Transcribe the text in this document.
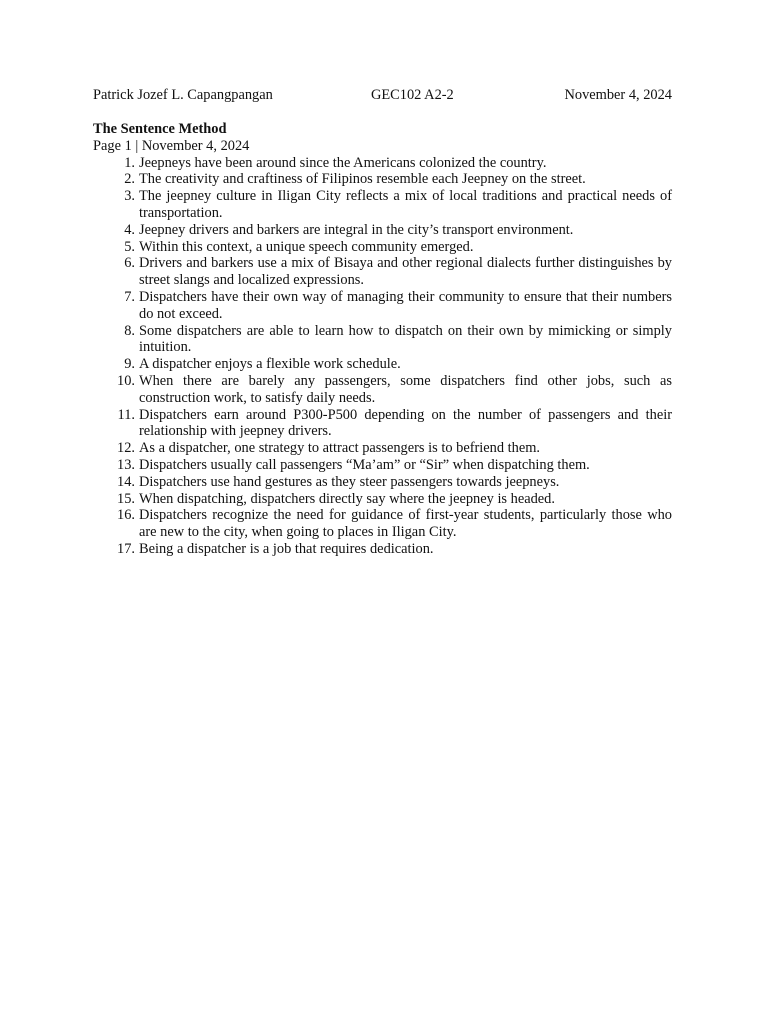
Patrick Jozef L. Capangpangan	GEC102 A2-2	November 4, 2024
The Sentence Method
Page 1 | November 4, 2024
1. Jeepneys have been around since the Americans colonized the country.
2. The creativity and craftiness of Filipinos resemble each Jeepney on the street.
3. The jeepney culture in Iligan City reflects a mix of local traditions and practical needs of transportation.
4. Jeepney drivers and barkers are integral in the city’s transport environment.
5. Within this context, a unique speech community emerged.
6. Drivers and barkers use a mix of Bisaya and other regional dialects further distinguishes by street slangs and localized expressions.
7. Dispatchers have their own way of managing their community to ensure that their numbers do not exceed.
8. Some dispatchers are able to learn how to dispatch on their own by mimicking or simply intuition.
9. A dispatcher enjoys a flexible work schedule.
10. When there are barely any passengers, some dispatchers find other jobs, such as construction work, to satisfy daily needs.
11. Dispatchers earn around P300-P500 depending on the number of passengers and their relationship with jeepney drivers.
12. As a dispatcher, one strategy to attract passengers is to befriend them.
13. Dispatchers usually call passengers “Ma’am” or “Sir” when dispatching them.
14. Dispatchers use hand gestures as they steer passengers towards jeepneys.
15. When dispatching, dispatchers directly say where the jeepney is headed.
16. Dispatchers recognize the need for guidance of first-year students, particularly those who are new to the city, when going to places in Iligan City.
17. Being a dispatcher is a job that requires dedication.
